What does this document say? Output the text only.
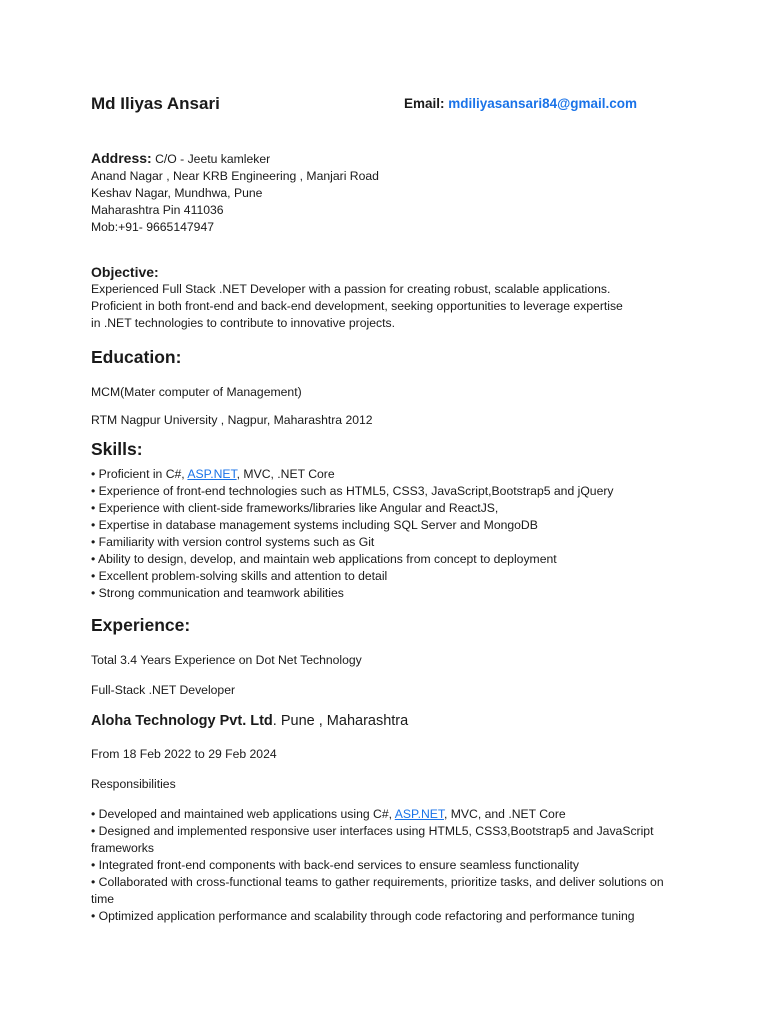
Md Iliyas Ansari	Email: mdiliyasansari84@gmail.com
Address: C/O - Jeetu kamleker
Anand Nagar , Near KRB Engineering , Manjari Road
Keshav Nagar, Mundhwa, Pune
Maharashtra Pin 411036
Mob:+91- 9665147947
Objective:
Experienced Full Stack .NET Developer with a passion for creating robust, scalable applications.
Proficient in both front-end and back-end development, seeking opportunities to leverage expertise
in .NET technologies to contribute to innovative projects.
Education:
MCM(Mater computer of Management)
RTM Nagpur University , Nagpur, Maharashtra 2012
Skills:
• Proficient in C#, ASP.NET, MVC, .NET Core
• Experience of front-end technologies such as HTML5, CSS3, JavaScript,Bootstrap5 and jQuery
• Experience with client-side frameworks/libraries like Angular and ReactJS,
• Expertise in database management systems including SQL Server and MongoDB
• Familiarity with version control systems such as Git
• Ability to design, develop, and maintain web applications from concept to deployment
• Excellent problem-solving skills and attention to detail
• Strong communication and teamwork abilities
Experience:
Total 3.4 Years Experience on Dot Net Technology
Full-Stack .NET Developer
Aloha Technology Pvt. Ltd. Pune , Maharashtra
From 18 Feb 2022 to 29 Feb 2024
Responsibilities
• Developed and maintained web applications using C#, ASP.NET, MVC, and .NET Core
• Designed and implemented responsive user interfaces using HTML5, CSS3,Bootstrap5 and JavaScript frameworks
• Integrated front-end components with back-end services to ensure seamless functionality
• Collaborated with cross-functional teams to gather requirements, prioritize tasks, and deliver solutions on time
• Optimized application performance and scalability through code refactoring and performance tuning
